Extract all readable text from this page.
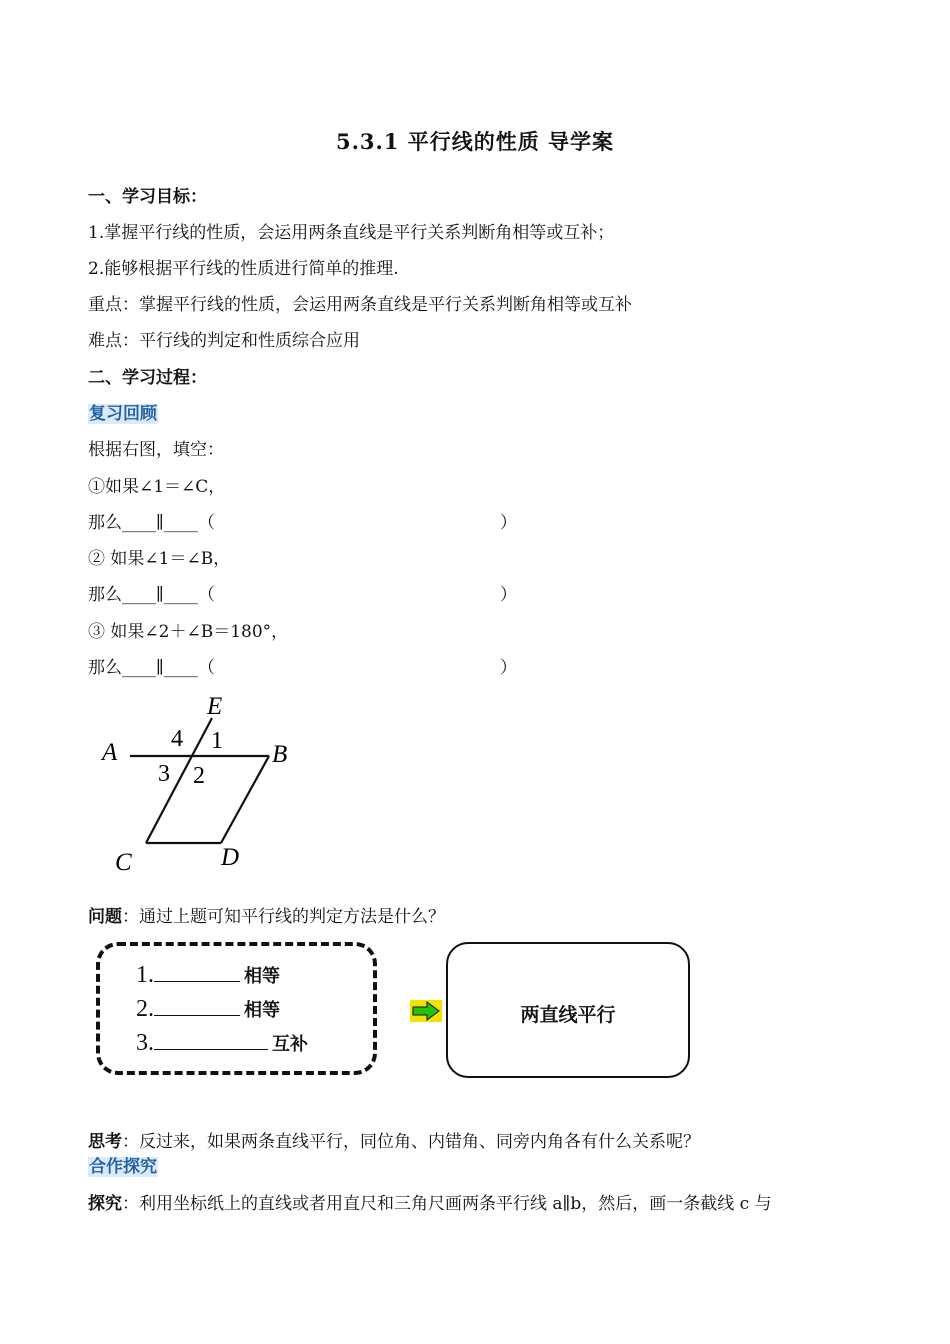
5.3.1 平行线的性质 导学案
一、学习目标：
1.掌握平行线的性质，会运用两条直线是平行关系判断角相等或互补；
2.能够根据平行线的性质进行简单的推理.
重点：掌握平行线的性质，会运用两条直线是平行关系判断角相等或互补
难点：平行线的判定和性质综合应用
二、学习过程：
复习回顾
根据右图，填空：
①如果∠1＝∠C，
那么____∥____（	）
② 如果∠1＝∠B，
那么____∥____（	）
③ 如果∠2＋∠B＝180°，
那么____∥____（	）
E
A	B
C	D
4 1
3 2
问题：通过上题可知平行线的判定方法是什么？
1.	相等
2.	相等
3.	互补
两直线平行
思考：反过来，如果两条直线平行，同位角、内错角、同旁内角各有什么关系呢？
合作探究
探究：利用坐标纸上的直线或者用直尺和三角尺画两条平行线 a∥b，然后，画一条截线 c 与
